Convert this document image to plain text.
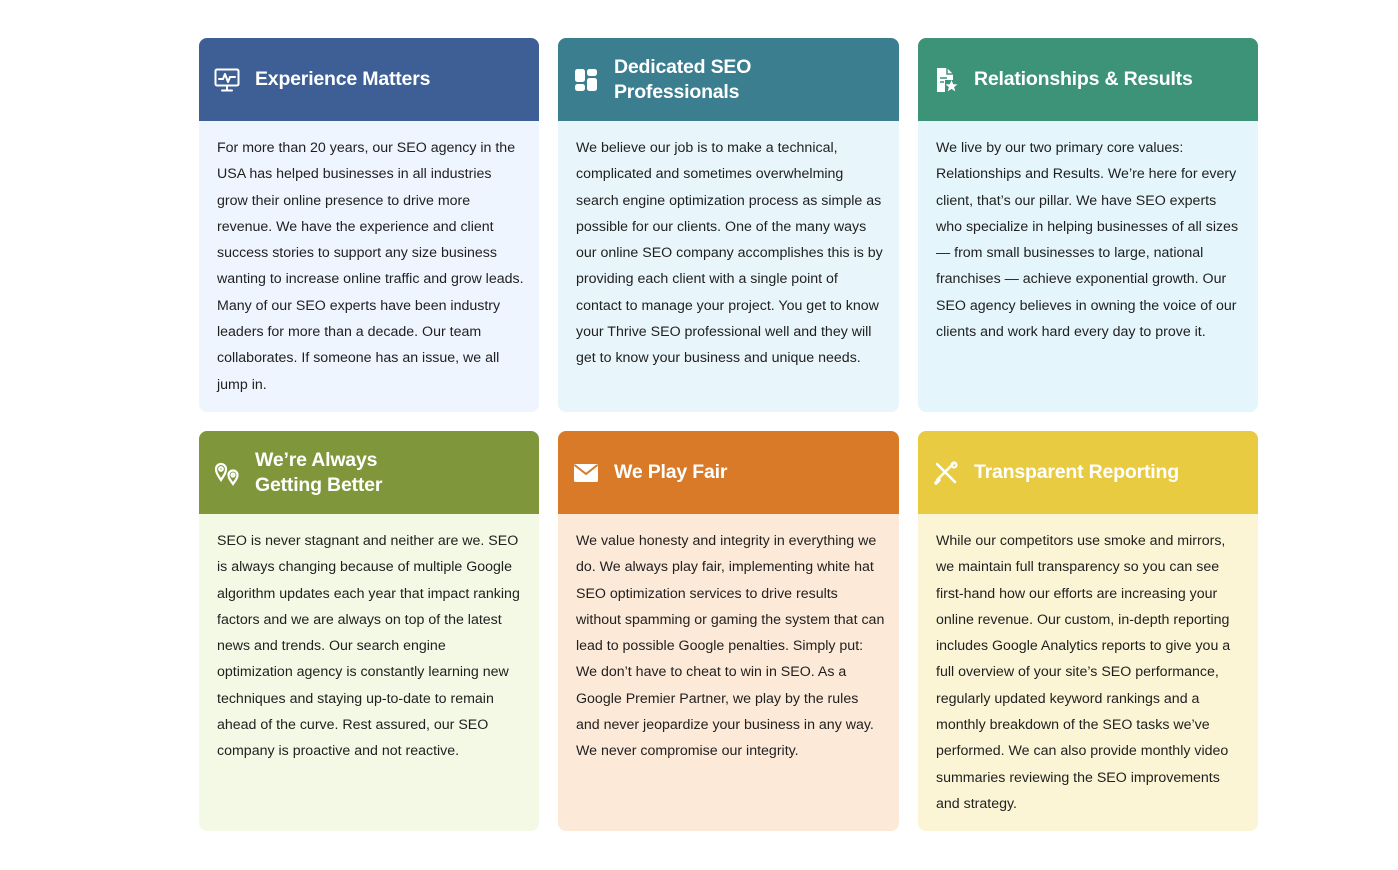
Experience Matters

For more than 20 years, our SEO agency in the USA has helped businesses in all industries grow their online presence to drive more revenue. We have the experience and client success stories to support any size business wanting to increase online traffic and grow leads. Many of our SEO experts have been industry leaders for more than a decade. Our team collaborates. If someone has an issue, we all jump in.

Dedicated SEO
Professionals

We believe our job is to make a technical, complicated and sometimes overwhelming search engine optimization process as simple as possible for our clients. One of the many ways our online SEO company accomplishes this is by providing each client with a single point of contact to manage your project. You get to know your Thrive SEO professional well and they will get to know your business and unique needs.

Relationships & Results

We live by our two primary core values: Relationships and Results. We’re here for every client, that’s our pillar. We have SEO experts who specialize in helping businesses of all sizes — from small businesses to large, national franchises — achieve exponential growth. Our SEO agency believes in owning the voice of our clients and work hard every day to prove it.

We’re Always
Getting Better

SEO is never stagnant and neither are we. SEO is always changing because of multiple Google algorithm updates each year that impact ranking factors and we are always on top of the latest news and trends. Our search engine optimization agency is constantly learning new techniques and staying up-to-date to remain ahead of the curve. Rest assured, our SEO company is proactive and not reactive.

We Play Fair

We value honesty and integrity in everything we do. We always play fair, implementing white hat SEO optimization services to drive results without spamming or gaming the system that can lead to possible Google penalties. Simply put: We don’t have to cheat to win in SEO. As a Google Premier Partner, we play by the rules and never jeopardize your business in any way. We never compromise our integrity.

Transparent Reporting

While our competitors use smoke and mirrors, we maintain full transparency so you can see first-hand how our efforts are increasing your online revenue. Our custom, in-depth reporting includes Google Analytics reports to give you a full overview of your site’s SEO performance, regularly updated keyword rankings and a monthly breakdown of the SEO tasks we’ve performed. We can also provide monthly video summaries reviewing the SEO improvements and strategy.
